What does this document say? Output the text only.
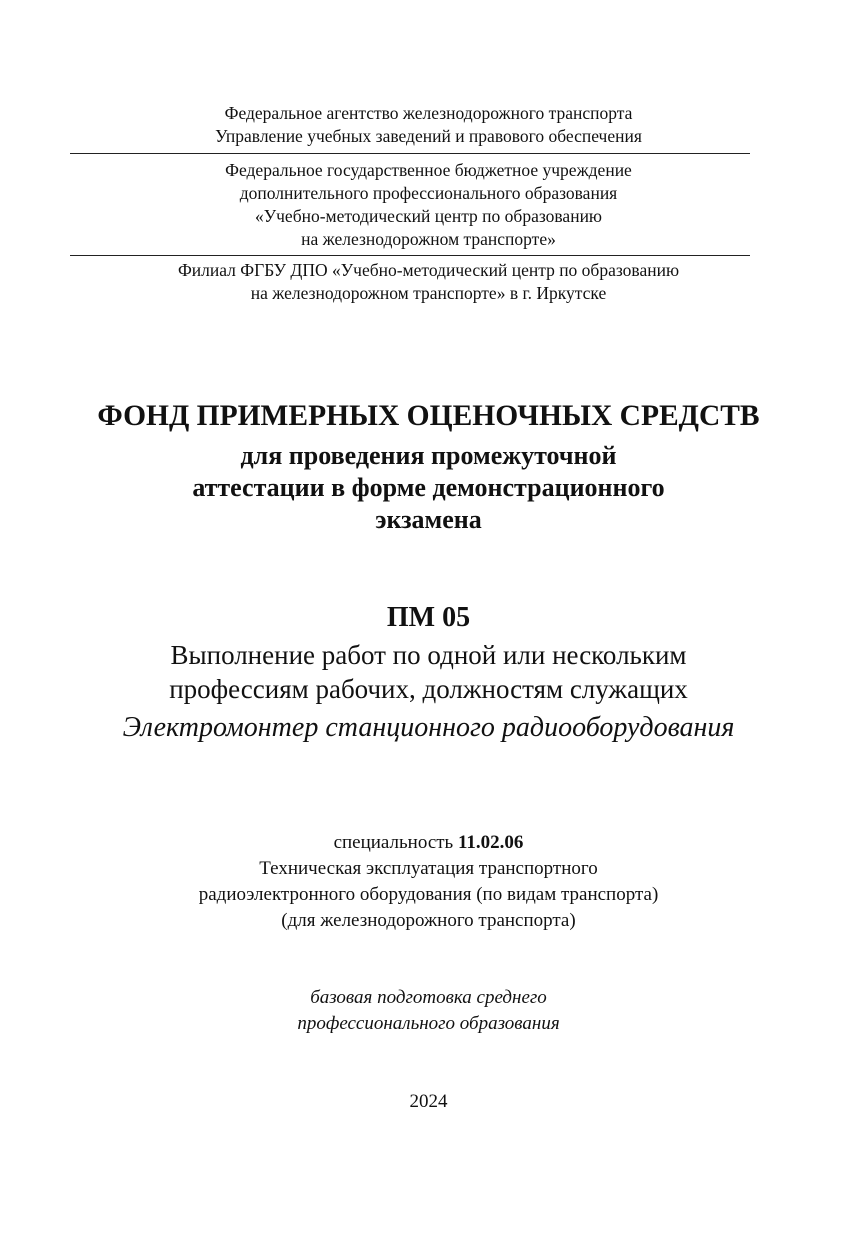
Федеральное агентство железнодорожного транспорта
Управление учебных заведений и правового обеспечения
Федеральное государственное бюджетное учреждение
дополнительного профессионального образования
«Учебно-методический центр по образованию
на железнодорожном транспорте»
Филиал ФГБУ ДПО «Учебно-методический центр по образованию
на железнодорожном транспорте» в г. Иркутске
ФОНД ПРИМЕРНЫХ ОЦЕНОЧНЫХ СРЕДСТВ
для проведения промежуточной
аттестации в форме демонстрационного
экзамена
ПМ 05
Выполнение работ по одной или нескольким
профессиям рабочих, должностям служащих
Электромонтер станционного радиооборудования
специальность 11.02.06
Техническая эксплуатация транспортного
радиоэлектронного оборудования (по видам транспорта)
(для железнодорожного транспорта)
базовая подготовка среднего
профессионального образования
2024
